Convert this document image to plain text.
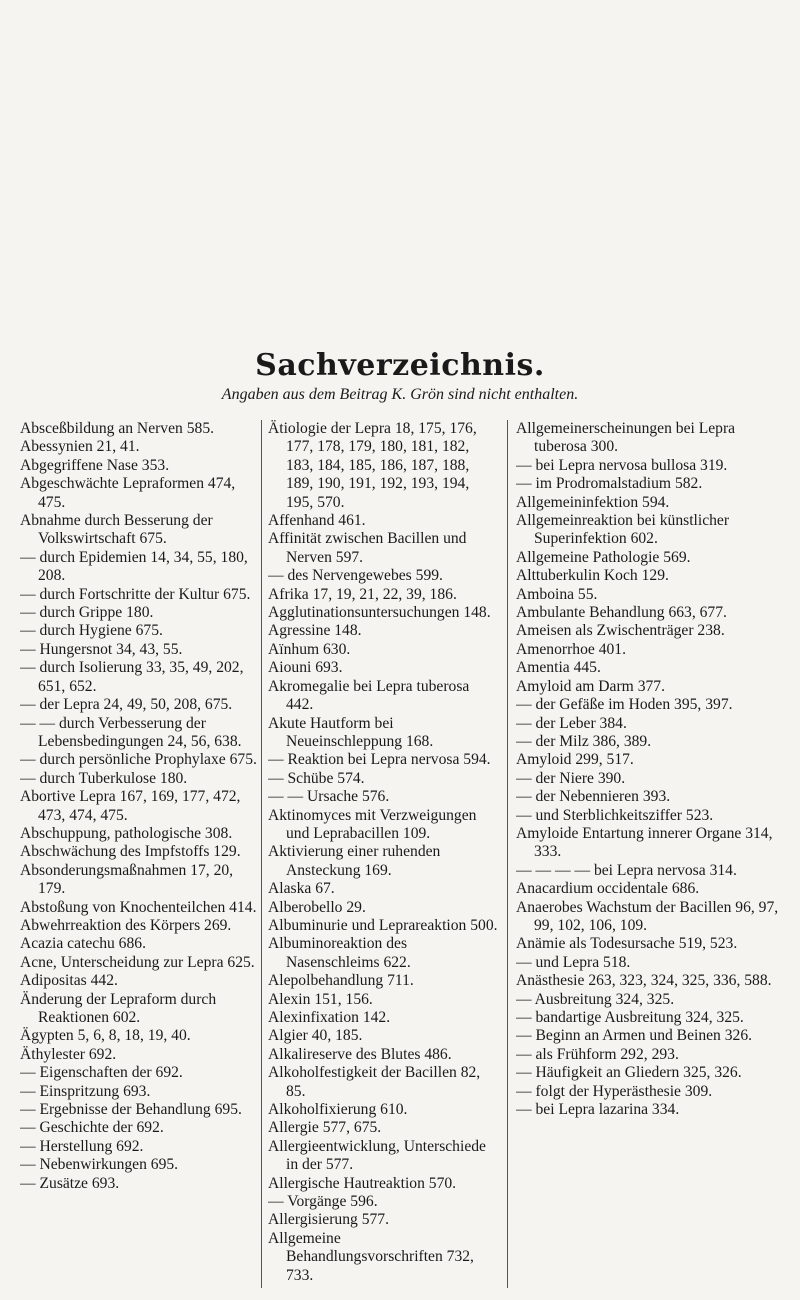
Sachverzeichnis.
Angaben aus dem Beitrag K. Grön sind nicht enthalten.

Absceßbildung an Nerven 585.

Abessynien 21, 41.

Abgegriffene Nase 353.

Abgeschwächte Lepraformen 474, 475.

Abnahme durch Besserung der Volkswirtschaft 675.

— durch Epidemien 14, 34, 55, 180, 208.

— durch Fortschritte der Kultur 675.

— durch Grippe 180.

— durch Hygiene 675.

— Hungersnot 34, 43, 55.

— durch Isolierung 33, 35, 49, 202, 651, 652.

— der Lepra 24, 49, 50, 208, 675.

— — durch Verbesserung der Lebensbedingungen 24, 56, 638.

— durch persönliche Prophylaxe 675.

— durch Tuberkulose 180.

Abortive Lepra 167, 169, 177, 472, 473, 474, 475.

Abschuppung, pathologische 308.

Abschwächung des Impfstoffs 129.

Absonderungsmaßnahmen 17, 20, 179.

Abstoßung von Knochenteilchen 414.

Abwehrreaktion des Körpers 269.

Acazia catechu 686.

Acne, Unterscheidung zur Lepra 625.

Adipositas 442.

Änderung der Lepraform durch Reaktionen 602.

Ägypten 5, 6, 8, 18, 19, 40.

Äthylester 692.

— Eigenschaften der 692.

— Einspritzung 693.

— Ergebnisse der Behandlung 695.

— Geschichte der 692.

— Herstellung 692.

— Nebenwirkungen 695.

— Zusätze 693.

Ätiologie der Lepra 18, 175, 176, 177, 178, 179, 180, 181, 182, 183, 184, 185, 186, 187, 188, 189, 190, 191, 192, 193, 194, 195, 570.

Affenhand 461.

Affinität zwischen Bacillen und Nerven 597.

— des Nervengewebes 599.

Afrika 17, 19, 21, 22, 39, 186.

Agglutinationsuntersuchungen 148.

Agressine 148.

Aïnhum 630.

Aiouni 693.

Akromegalie bei Lepra tuberosa 442.

Akute Hautform bei Neueinschleppung 168.

— Reaktion bei Lepra nervosa 594.

— Schübe 574.

— — Ursache 576.

Aktinomyces mit Verzweigungen und Leprabacillen 109.

Aktivierung einer ruhenden Ansteckung 169.

Alaska 67.

Alberobello 29.

Albuminurie und Leprareaktion 500.

Albuminoreaktion des Nasenschleims 622.

Alepolbehandlung 711.

Alexin 151, 156.

Alexinfixation 142.

Algier 40, 185.

Alkalireserve des Blutes 486.

Alkoholfestigkeit der Bacillen 82, 85.

Alkoholfixierung 610.

Allergie 577, 675.

Allergieentwicklung, Unterschiede in der 577.

Allergische Hautreaktion 570.

— Vorgänge 596.

Allergisierung 577.

Allgemeine Behandlungsvorschriften 732, 733.

Allgemeinerscheinungen bei Lepra tuberosa 300.

— bei Lepra nervosa bullosa 319.

— im Prodromalstadium 582.

Allgemeininfektion 594.

Allgemeinreaktion bei künstlicher Superinfektion 602.

Allgemeine Pathologie 569.

Alttuberkulin Koch 129.

Amboina 55.

Ambulante Behandlung 663, 677.

Ameisen als Zwischenträger 238.

Amenorrhoe 401.

Amentia 445.

Amyloid am Darm 377.

— der Gefäße im Hoden 395, 397.

— der Leber 384.

— der Milz 386, 389.

Amyloid 299, 517.

— der Niere 390.

— der Nebennieren 393.

— und Sterblichkeitsziffer 523.

Amyloide Entartung innerer Organe 314, 333.

— — — — bei Lepra nervosa 314.

Anacardium occidentale 686.

Anaerobes Wachstum der Bacillen 96, 97, 99, 102, 106, 109.

Anämie als Todesursache 519, 523.

— und Lepra 518.

Anästhesie 263, 323, 324, 325, 336, 588.

— Ausbreitung 324, 325.

— bandartige Ausbreitung 324, 325.

— Beginn an Armen und Beinen 326.

— als Frühform 292, 293.

— Häufigkeit an Gliedern 325, 326.

— folgt der Hyperästhesie 309.

— bei Lepra lazarina 334.
